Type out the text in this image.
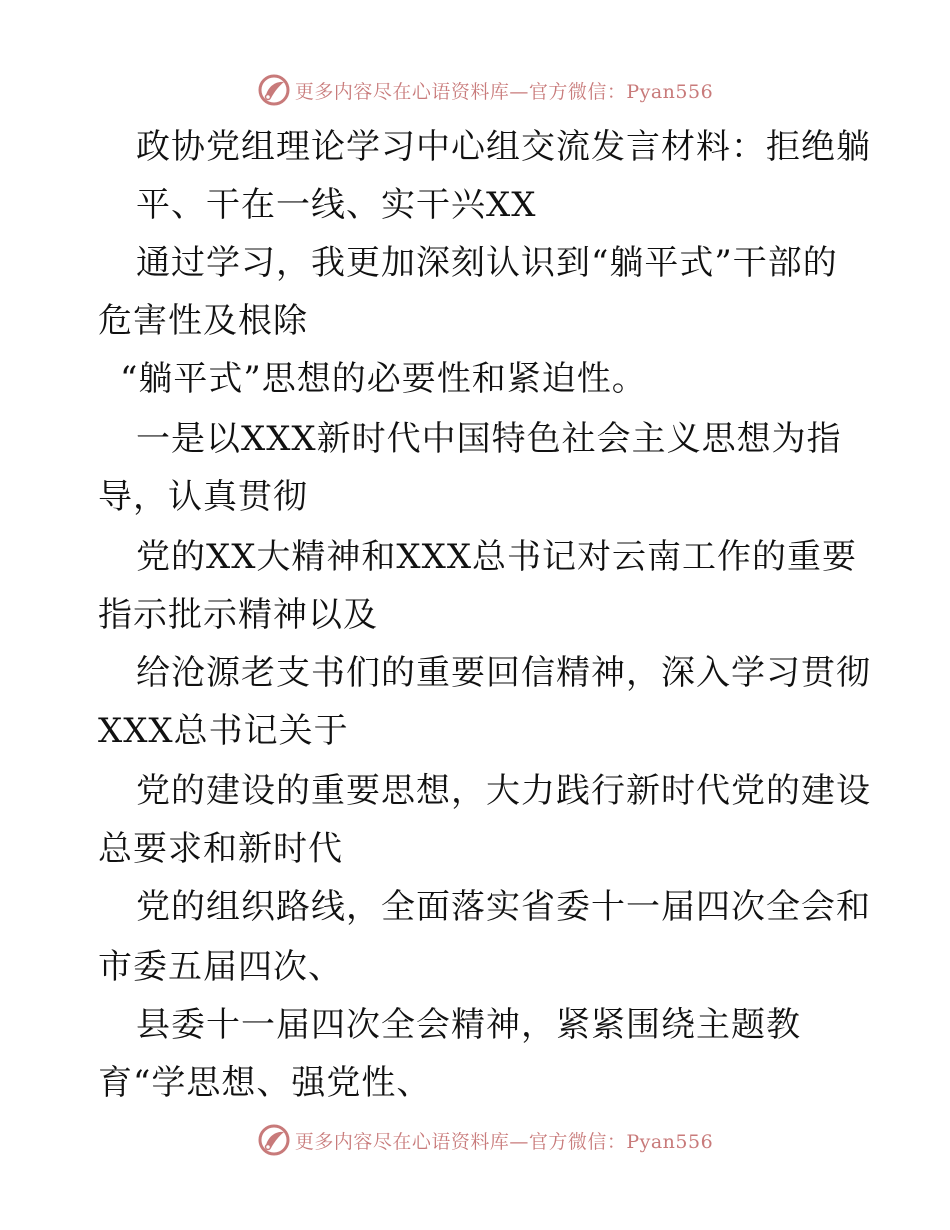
更多内容尽在心语资料库—官方微信：Pyan556
政协党组理论学习中心组交流发言材料：拒绝躺
平、干在一线、实干兴XX
通过学习，我更加深刻认识到“躺平式”干部的
危害性及根除
“躺平式”思想的必要性和紧迫性。
一是以XXX新时代中国特色社会主义思想为指
导，认真贯彻
党的XX大精神和XXX总书记对云南工作的重要
指示批示精神以及
给沧源老支书们的重要回信精神，深入学习贯彻
XXX总书记关于
党的建设的重要思想，大力践行新时代党的建设
总要求和新时代
党的组织路线，全面落实省委十一届四次全会和
市委五届四次、
县委十一届四次全会精神，紧紧围绕主题教
育“学思想、强党性、
更多内容尽在心语资料库—官方微信：Pyan556
